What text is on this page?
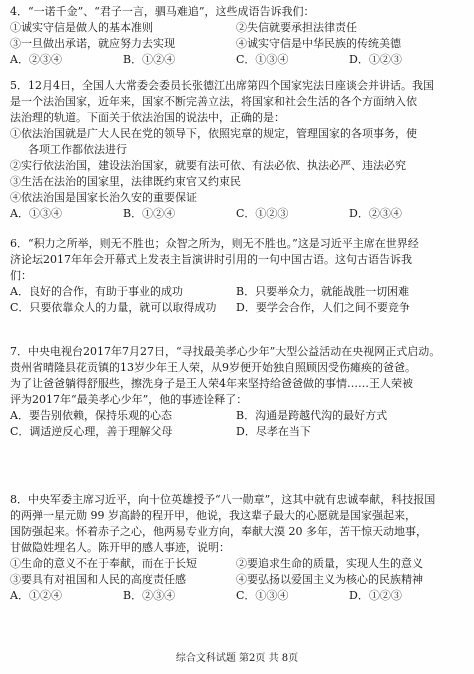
4．“一诺千金”、“君子一言，驷马难追”，这些成语告诉我们：
①诚实守信是做人的基本准则	②失信就要承担法律责任
③一旦做出承诺，就应努力去实现	④诚实守信是中华民族的传统美德
A．②③④	B．①②④	C．①③④	D．①②③
5．12月4日，全国人大常委会委员长张德江出席第四个国家宪法日座谈会并讲话。我国
是一个法治国家，近年来，国家不断完善立法，将国家和社会生活的各个方面纳入依
法治理的轨道。下面关于依法治国的说法中，正确的是：
①依法治国就是广大人民在党的领导下，依照宪章的规定，管理国家的各项事务，使
各项工作都依法进行
②实行依法治国，建设法治国家，就要有法可依、有法必依、执法必严、违法必究
③生活在法治的国家里，法律既约束官又约束民
④依法治国是国家长治久安的重要保证
A．①③④	B．①②④	C．①②③	D．②③④
6．“积力之所举，则无不胜也；众智之所为，则无不胜也。”这是习近平主席在世界经
济论坛2017年年会开幕式上发表主旨演讲时引用的一句中国古语。这句古语告诉我
们：
A．良好的合作，有助于事业的成功	B．只要举众力，就能战胜一切困难
C．只要依靠众人的力量，就可以取得成功	D．要学会合作，人们之间不要竞争
7．中央电视台2017年7月27日，“寻找最美孝心少年”大型公益活动在央视网正式启动。
贵州省晴隆县花贡镇的13岁少年王人荣，从9岁便开始独自照顾因受伤瘫痪的爸爸。
为了让爸爸躺得舒服些，擦洗身子是王人荣4年来坚持给爸爸做的事情……王人荣被
评为2017年“最美孝心少年”，他的事迹诠释了：
A．要告别依赖，保持乐观的心态	B．沟通是跨越代沟的最好方式
C．调适逆反心理，善于理解父母	D．尽孝在当下
8．中央军委主席习近平，向十位英雄授予“八一勋章”，这其中就有忠诚奉献，科技报国
的两弹一星元勋 99 岁高龄的程开甲，他说，我这辈子最大的心愿就是国家强起来，
国防强起来。怀着赤子之心，他两易专业方向，奉献大漠 20 多年，苦干惊天动地事，
甘做隐姓埋名人。陈开甲的感人事迹，说明：
①生命的意义不在于奉献，而在于长短	②要追求生命的质量，实现人生的意义
③要具有对祖国和人民的高度责任感	④要弘扬以爱国主义为核心的民族精神
A．①②④	B．②③④	C．①③④	D．①②③
综合文科试题 第2页 共 8页
